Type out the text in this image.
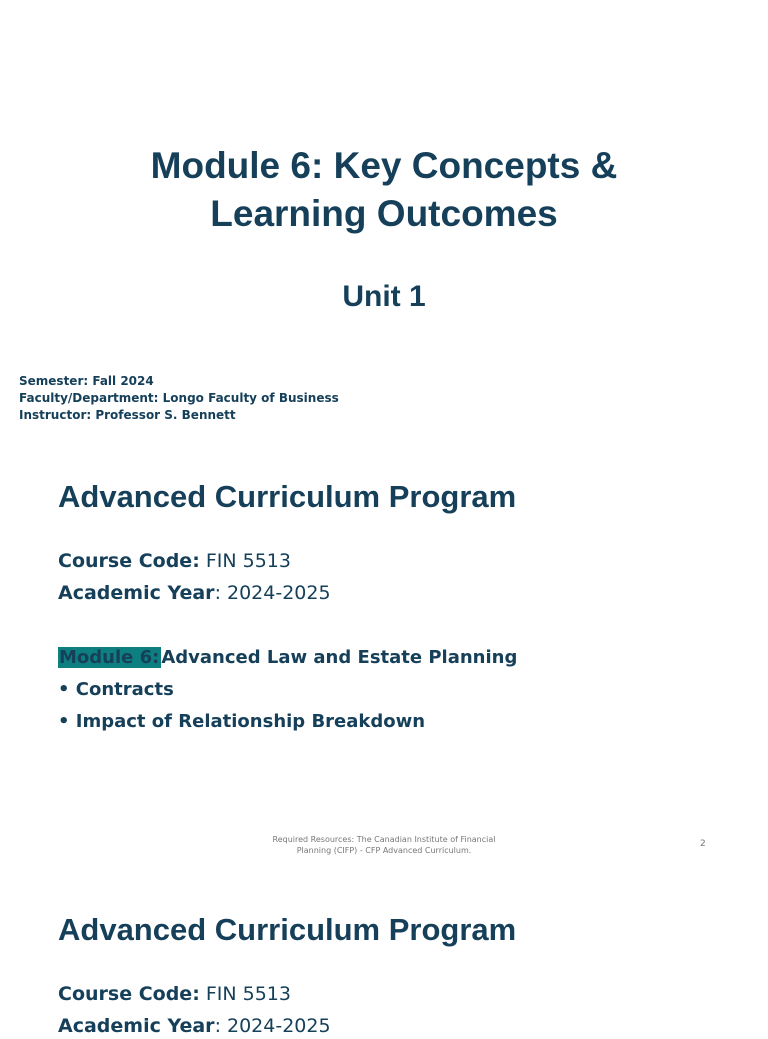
Module 6: Key Concepts &
Learning Outcomes
Unit 1
Semester: Fall 2024
Faculty/Department: Longo Faculty of Business
Instructor: Professor S. Bennett
Advanced Curriculum Program
Course Code: FIN 5513
Academic Year: 2024-2025
Module 6: Advanced Law and Estate Planning
• Contracts
• Impact of Relationship Breakdown
Required Resources: The Canadian Institute of Financial
Planning (CIFP) - CFP Advanced Curriculum.
2
Advanced Curriculum Program
Course Code: FIN 5513
Academic Year: 2024-2025
